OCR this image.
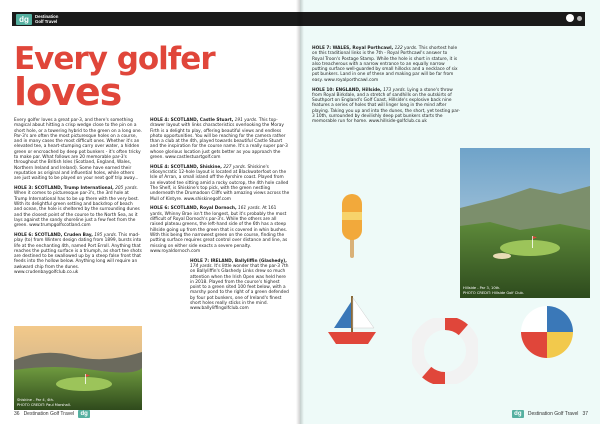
dg	Destination
Golf Travel
Every golfer
loves

Every golfer loves a great par-3, and there's something magical about hitting a crisp wedge close to the pin on a short hole, or a towering hybrid to the green on a long one. Par-3's are often the most picturesque holes on a course, and in many cases the most difficult ones. Whether it's an elevated tee, a heart-stumping carry over water, a hidden green or encroached by deep pot bunkers - it's often tricky to make par. What follows are 20 memorable par-3's throughout the British Isles (Scotland, England, Wales, Northern Ireland and Ireland). Some have earned their reputation as original and influential holes, while others are just waiting to be played on your next golf trip away...

HOLE 3: SCOTLAND, Trump International, 205 yards. When it comes to picturesque par-3's, the 3rd hole at Trump International has to be up there with the very best. With its delightful green setting and backdrop of beach and ocean, the hole is sheltered by the surrounding dunes and the closest point of the course to the North Sea, as it lays against the sandy shoreline just a few feet from the green. www.trumpgolfscotland.com

HOLE 6: SCOTLAND, Cruden Bay, 195 yards. This mad-play (to) from Winters design dating from 1899, bursts into life at the enchanting 4th, named Port Erroll. Anything that reaches the putting surface is a triumph, as short tee shots are destined to be swallowed up by a steep false front that feeds into the hollow below. Anything long will require an awkward chip from the dunes. www.crudenbaygolfclub.co.uk

Shiskine - Par 4, 4th.
PHOTO CREDIT: Paul Marshall.

HOLE 4: SCOTLAND, Castle Stuart, 191 yards. This top-drawer layout with links characteristics overlooking the Moray Firth is a delight to play, offering beautiful views and endless photo opportunities. You will be reaching for the camera rather than a club at the 4th, played towards beautiful Castle Stuart and the inspiration for the course name. It's a really super par-3 whose glorious location just gets better as you approach the green. www.castlestuartgolf.com

HOLE 4: SCOTLAND, Shiskine, 227 yards. Shiskine's idiosyncratic 12-hole layout is located at Blackwaterfoot on the Isle of Arran, a small island off the Ayrshire coast. Played from an elevated tee sitting amid a rocky outcrop, the 4th hole called The Shelf, is Shiskine's top pick, with the green nestling underneath the Drumadoon Cliffs with amazing views across the Mull of Kintyre. www.shiskinegolf.com

HOLE 6: SCOTLAND, Royal Dornoch, 161 yards. At 161 yards, Whinny Brae isn't the longest, but it's probably the most difficult of Royal Dornoch's par-3's. While the others are all raised plateau greens, the left-hand side of the 6th has a steep hillside going up from the green that is covered in whin bushes. With this being the narrowest green on the course, finding the putting surface requires great control over distance and line, as missing on either side exacts a severe penalty. www.royaldornoch.com

HOLE 7: IRELAND, Ballyliffin (Glashedy), 174 yards. It's little wonder that the par-3 7th on Ballyliffin's Glashedy Links drew so much attention when the Irish Open was held here in 2018. Played from the course's highest point to a green sited 100 feet below, with a marshy pond to the right of a green defended by four pot bunkers, one of Ireland's finest short holes really sticks in the mind. www.ballyliffingolfclub.com

36 Destination Golf Travel	dg

HOLE 7: WALES, Royal Porthcawl, 122 yards. This shortest hole on this traditional links is the 7th - Royal Porthcawl's answer to Royal Troon's Postage Stamp. While the hole is short in stature, it is also treacherous with a narrow entrance to an equally narrow putting surface well-guarded by small hillocks and a necklace of six pot bunkers. Land in one of these and making par will be far from easy. www.royalporthcawl.com

HOLE 10: ENGLAND, Hillside, 173 yards. Lying a stone's throw from Royal Birkdale, and a stretch of sandhills on the outskirts of Southport on England's Golf Coast, Hillside's explosive back nine features a series of holes that will linger long in the mind after playing. Taking you up and into the dunes, the short, yet testing par-3 10th, surrounded by devilishly deep pot bunkers starts the memorable run for home. www.hillside-golfclub.co.uk

Hillside - Par 3, 10th.
PHOTO CREDIT: Hillside Golf Club.
dg	Destination Golf Travel 37
